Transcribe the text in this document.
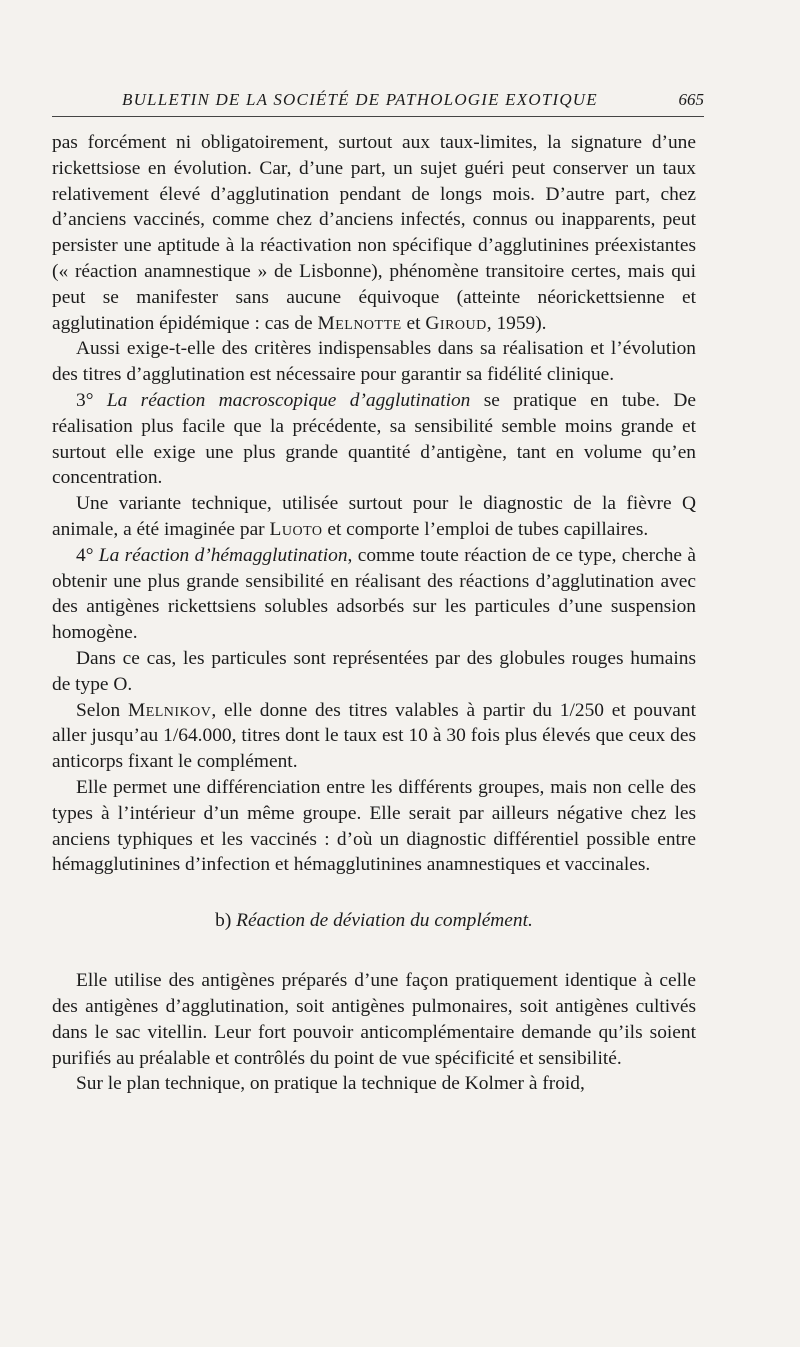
BULLETIN DE LA SOCIÉTÉ DE PATHOLOGIE EXOTIQUE	665

pas forcément ni obligatoirement, surtout aux taux-limites, la signature d’une rickettsiose en évolution. Car, d’une part, un sujet guéri peut conserver un taux relativement élevé d’agglutination pendant de longs mois. D’autre part, chez d’anciens vaccinés, comme chez d’anciens infectés, connus ou inapparents, peut persister une aptitude à la réactivation non spécifique d’agglutinines préexistantes (« réaction anamnestique » de Lisbonne), phénomène transitoire certes, mais qui peut se manifester sans aucune équivoque (atteinte néorickettsienne et agglutination épidémique : cas de Melnotte et Giroud, 1959).

Aussi exige-t-elle des critères indispensables dans sa réalisation et l’évolution des titres d’agglutination est nécessaire pour garantir sa fidélité clinique.

3° La réaction macroscopique d’agglutination se pratique en tube. De réalisation plus facile que la précédente, sa sensibilité semble moins grande et surtout elle exige une plus grande quantité d’antigène, tant en volume qu’en concentration.

Une variante technique, utilisée surtout pour le diagnostic de la fièvre Q animale, a été imaginée par Luoto et comporte l’emploi de tubes capillaires.

4° La réaction d’hémagglutination, comme toute réaction de ce type, cherche à obtenir une plus grande sensibilité en réalisant des réactions d’agglutination avec des antigènes rickettsiens solubles adsorbés sur les particules d’une suspension homogène.

Dans ce cas, les particules sont représentées par des globules rouges humains de type O.

Selon Melnikov, elle donne des titres valables à partir du 1/250 et pouvant aller jusqu’au 1/64.000, titres dont le taux est 10 à 30 fois plus élevés que ceux des anticorps fixant le complément.

Elle permet une différenciation entre les différents groupes, mais non celle des types à l’intérieur d’un même groupe. Elle serait par ailleurs négative chez les anciens typhiques et les vaccinés : d’où un diagnostic différentiel possible entre hémagglutinines d’infection et hémagglutinines anamnestiques et vaccinales.

b) Réaction de déviation du complément.

Elle utilise des antigènes préparés d’une façon pratiquement identique à celle des antigènes d’agglutination, soit antigènes pulmonaires, soit antigènes cultivés dans le sac vitellin. Leur fort pouvoir anticomplémentaire demande qu’ils soient purifiés au préalable et contrôlés du point de vue spécificité et sensibilité.

Sur le plan technique, on pratique la technique de Kolmer à froid,
